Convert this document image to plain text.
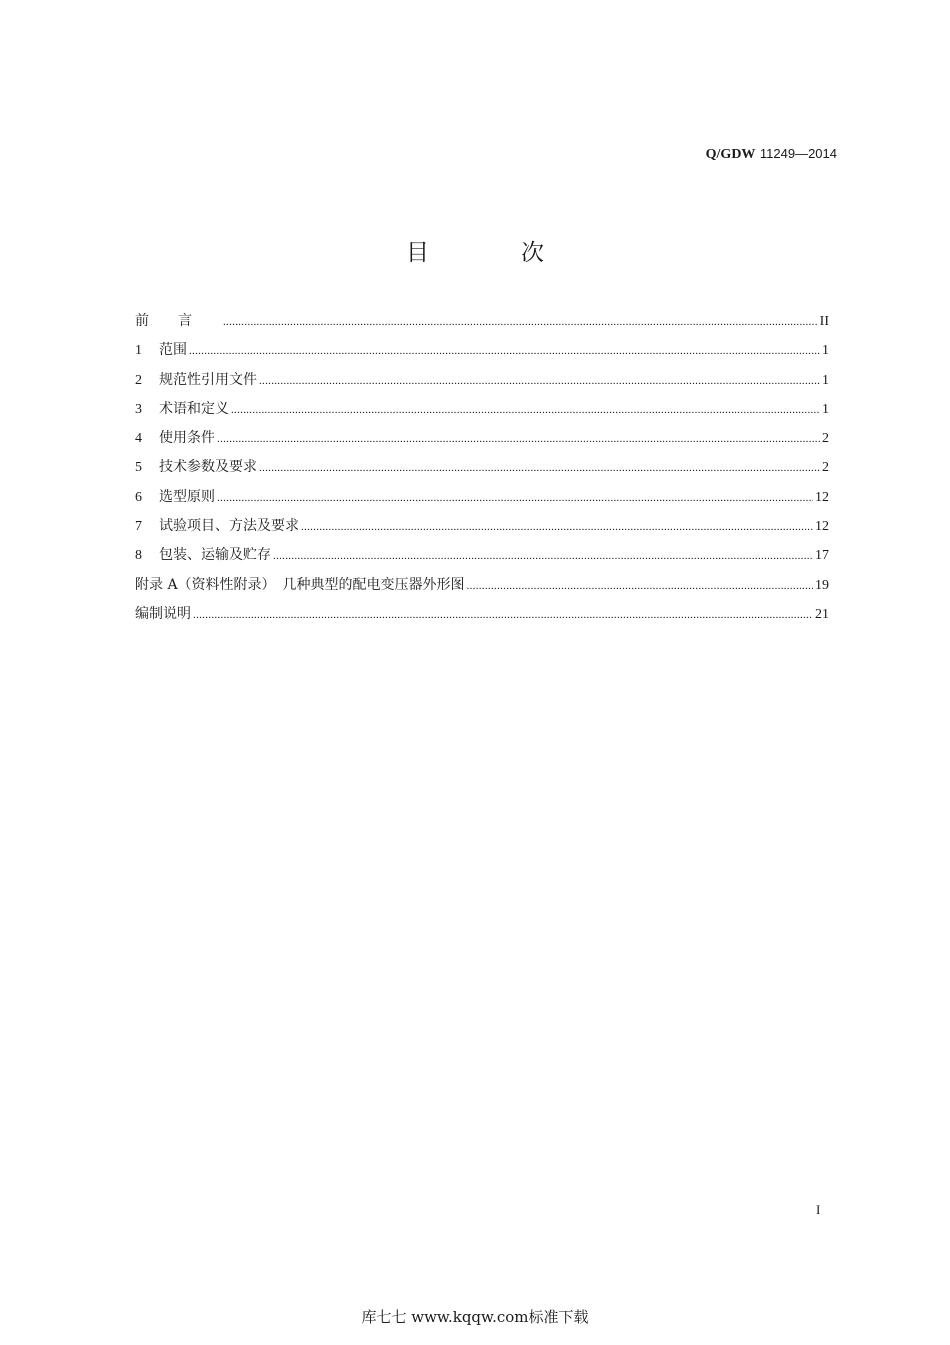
Q/GDW 11249—2014
目	次
前言 .....	II
1	范围 .....	1
2	规范性引用文件 .....	1
3	术语和定义 .....	1
4	使用条件 .....	2
5	技术参数及要求 .....	2
6	选型原则 .....	12
7	试验项目、方法及要求 .....	12
8	包装、运输及贮存 .....	17
附录 A（资料性附录）　几种典型的配电变压器外形图 .....	19
编制说明 .....	21
I
库七七 www.kqqw.com标准下载
